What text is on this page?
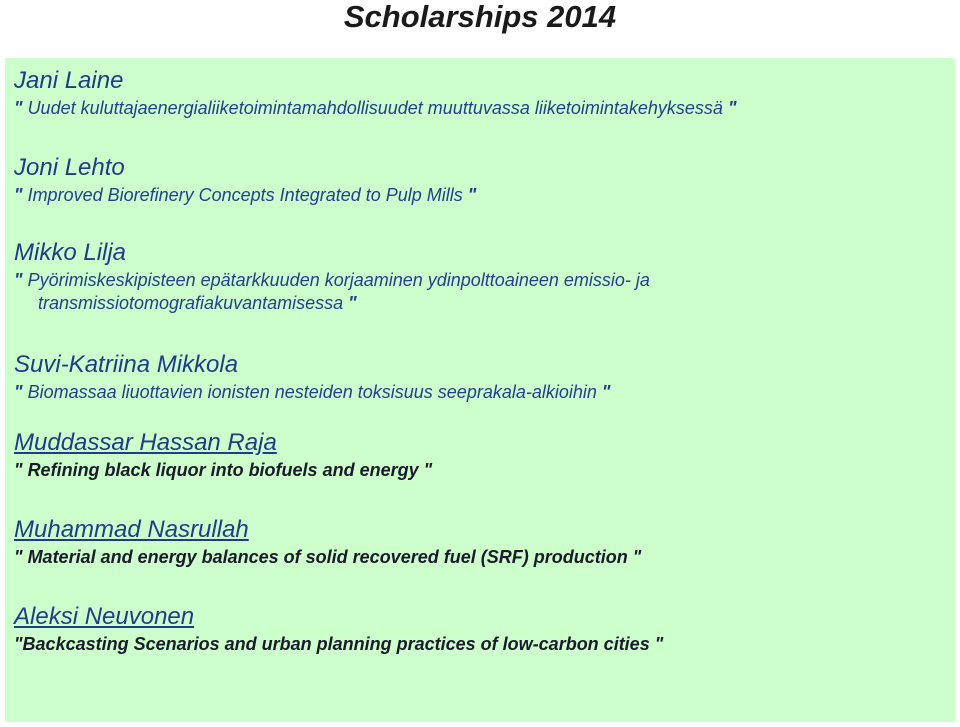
Scholarships 2014
Jani Laine
" Uudet kuluttajaenergialiiketoimintamahdollisuudet muuttuvassa liiketoimintakehyksessä "
Joni Lehto
" Improved Biorefinery Concepts Integrated to Pulp Mills "
Mikko Lilja
" Pyörimiskeskipisteen epätarkkuuden korjaaminen ydinpolttoaineen emissio- ja
transmissiotomografiakuvantamisessa "
Suvi-Katriina Mikkola
" Biomassaa liuottavien ionisten nesteiden toksisuus seeprakala-alkioihin "
Muddassar Hassan Raja
" Refining black liquor into biofuels and energy "
Muhammad Nasrullah
" Material and energy balances of solid recovered fuel (SRF) production "
Aleksi Neuvonen
"Backcasting Scenarios and urban planning practices of low-carbon cities "
